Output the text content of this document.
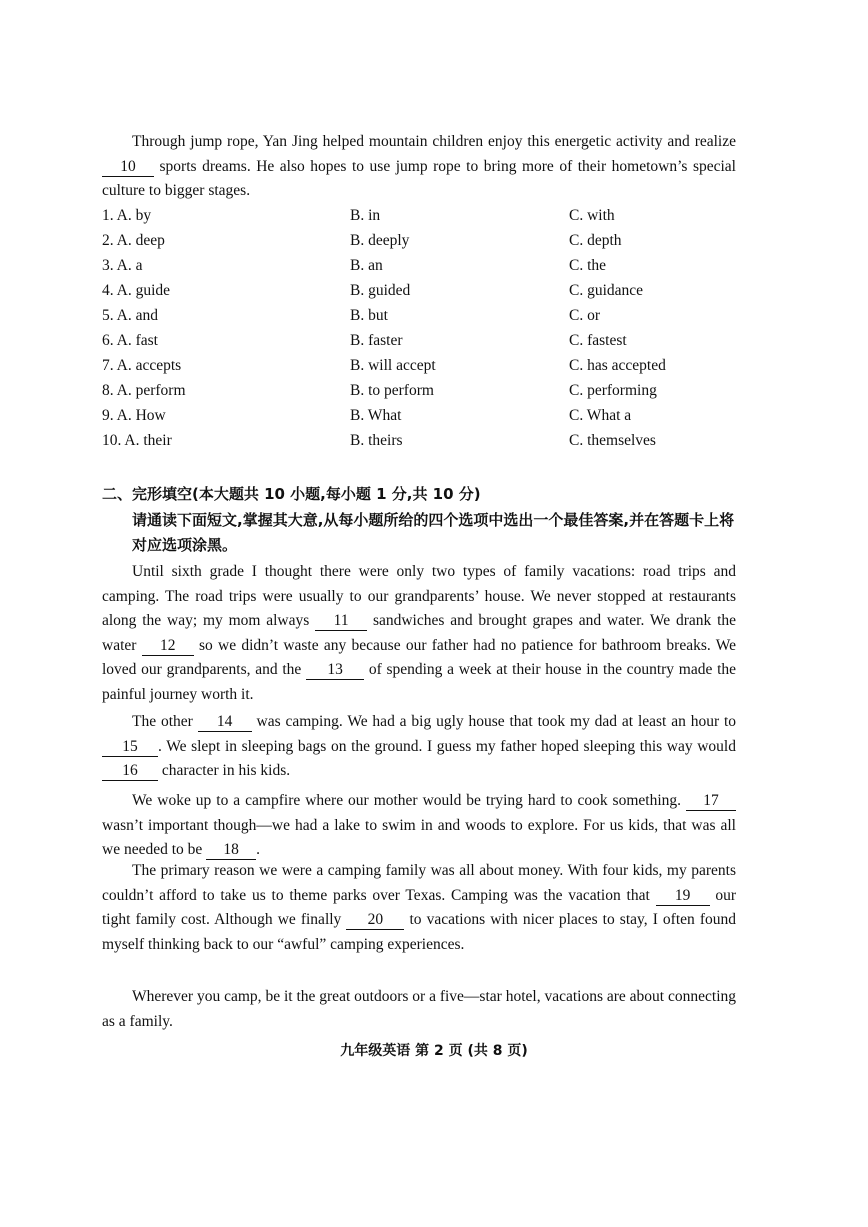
Through jump rope, Yan Jing helped mountain children enjoy this energetic activity and realize 10 sports dreams. He also hopes to use jump rope to bring more of their hometown’s special culture to bigger stages.
1. A. by	B. in	C. with
2. A. deep	B. deeply	C. depth
3. A. a	B. an	C. the
4. A. guide	B. guided	C. guidance
5. A. and	B. but	C. or
6. A. fast	B. faster	C. fastest
7. A. accepts	B. will accept	C. has accepted
8. A. perform	B. to perform	C. performing
9. A. How	B. What	C. What a
10. A. their	B. theirs	C. themselves
二、完形填空(本大题共 10 小题,每小题 1 分,共 10 分)
请通读下面短文,掌握其大意,从每小题所给的四个选项中选出一个最佳答案,并在答题卡上将对应选项涂黑。
Until sixth grade I thought there were only two types of family vacations: road trips and camping. The road trips were usually to our grandparents’ house. We never stopped at restaurants along the way; my mom always 11 sandwiches and brought grapes and water. We drank the water 12 so we didn’t waste any because our father had no patience for bathroom breaks. We loved our grandparents, and the 13 of spending a week at their house in the country made the painful journey worth it.
The other 14 was camping. We had a big ugly house that took my dad at least an hour to 15 . We slept in sleeping bags on the ground. I guess my father hoped sleeping this way would 16 character in his kids.
We woke up to a campfire where our mother would be trying hard to cook something. 17 wasn’t important though—we had a lake to swim in and woods to explore. For us kids, that was all we needed to be 18 .
The primary reason we were a camping family was all about money. With four kids, my parents couldn’t afford to take us to theme parks over Texas. Camping was the vacation that 19 our tight family cost. Although we finally 20 to vacations with nicer places to stay, I often found myself thinking back to our “awful” camping experiences.
Wherever you camp, be it the great outdoors or a five—star hotel, vacations are about connecting as a family.
九年级英语 第 2 页 (共 8 页)
